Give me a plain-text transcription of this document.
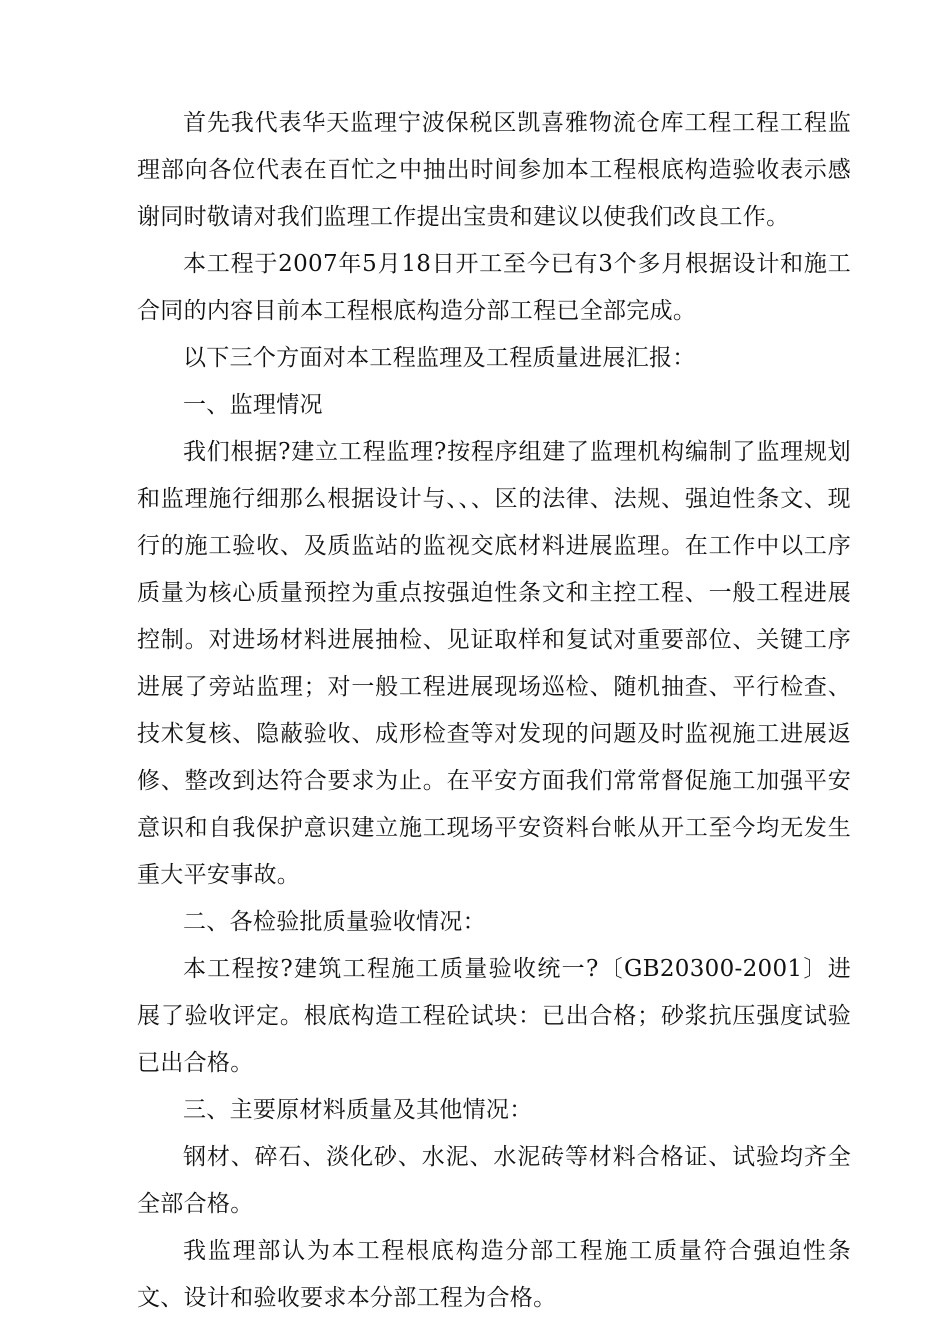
首先我代表华天监理宁波保税区凯喜雅物流仓库工程工程工程监理部向各位代表在百忙之中抽出时间参加本工程根底构造验收表示感谢同时敬请对我们监理工作提出宝贵和建议以使我们改良工作。

本工程于2007年5月18日开工至今已有3个多月根据设计和施工合同的内容目前本工程根底构造分部工程已全部完成。

以下三个方面对本工程监理及工程质量进展汇报：

一、监理情况

我们根据?建立工程监理?按程序组建了监理机构编制了监理规划和监理施行细那么根据设计与、、、区的法律、法规、强迫性条文、现行的施工验收、及质监站的监视交底材料进展监理。在工作中以工序质量为核心质量预控为重点按强迫性条文和主控工程、一般工程进展控制。对进场材料进展抽检、见证取样和复试对重要部位、关键工序进展了旁站监理；对一般工程进展现场巡检、随机抽查、平行检查、技术复核、隐蔽验收、成形检查等对发现的问题及时监视施工进展返修、整改到达符合要求为止。在平安方面我们常常督促施工加强平安意识和自我保护意识建立施工现场平安资料台帐从开工至今均无发生重大平安事故。

二、各检验批质量验收情况：

本工程按?建筑工程施工质量验收统一?〔GB20300-2001〕进展了验收评定。根底构造工程砼试块：已出合格；砂浆抗压强度试验已出合格。

三、主要原材料质量及其他情况：

钢材、碎石、淡化砂、水泥、水泥砖等材料合格证、试验均齐全全部合格。

我监理部认为本工程根底构造分部工程施工质量符合强迫性条文、设计和验收要求本分部工程为合格。
